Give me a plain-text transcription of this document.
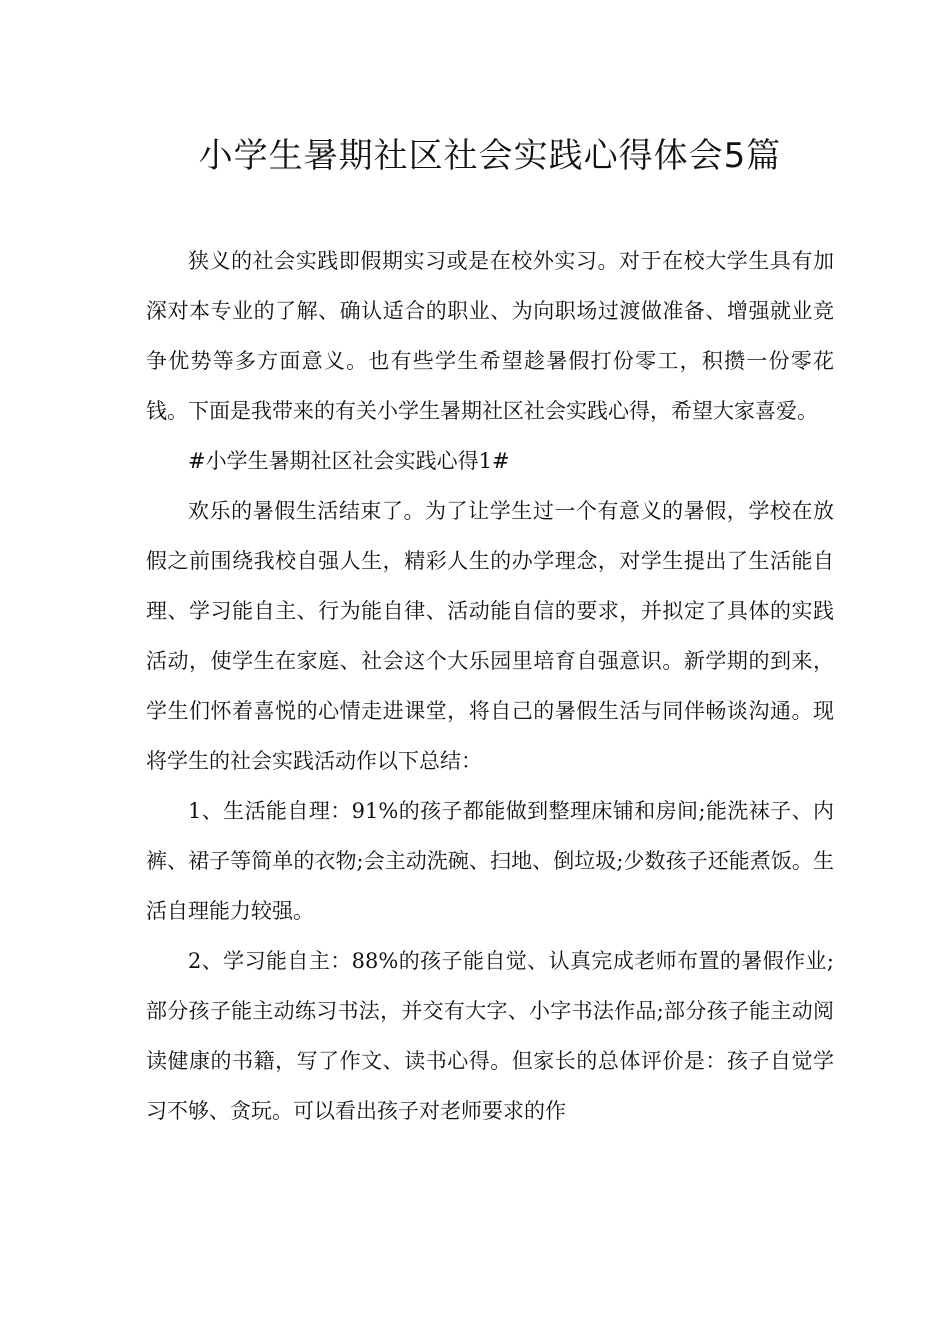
小学生暑期社区社会实践心得体会5篇

狭义的社会实践即假期实习或是在校外实习。对于在校大学生具有加深对本专业的了解、确认适合的职业、为向职场过渡做准备、增强就业竞争优势等多方面意义。也有些学生希望趁暑假打份零工，积攒一份零花钱。下面是我带来的有关小学生暑期社区社会实践心得，希望大家喜爱。

#小学生暑期社区社会实践心得1#

欢乐的暑假生活结束了。为了让学生过一个有意义的暑假，学校在放假之前围绕我校自强人生，精彩人生的办学理念，对学生提出了生活能自理、学习能自主、行为能自律、活动能自信的要求，并拟定了具体的实践活动，使学生在家庭、社会这个大乐园里培育自强意识。新学期的到来，学生们怀着喜悦的心情走进课堂，将自己的暑假生活与同伴畅谈沟通。现将学生的社会实践活动作以下总结：

1、生活能自理：91%的孩子都能做到整理床铺和房间;能洗袜子、内裤、裙子等简单的衣物;会主动洗碗、扫地、倒垃圾;少数孩子还能煮饭。生活自理能力较强。

2、学习能自主：88%的孩子能自觉、认真完成老师布置的暑假作业;部分孩子能主动练习书法，并交有大字、小字书法作品;部分孩子能主动阅读健康的书籍，写了作文、读书心得。但家长的总体评价是：孩子自觉学习不够、贪玩。可以看出孩子对老师要求的作
